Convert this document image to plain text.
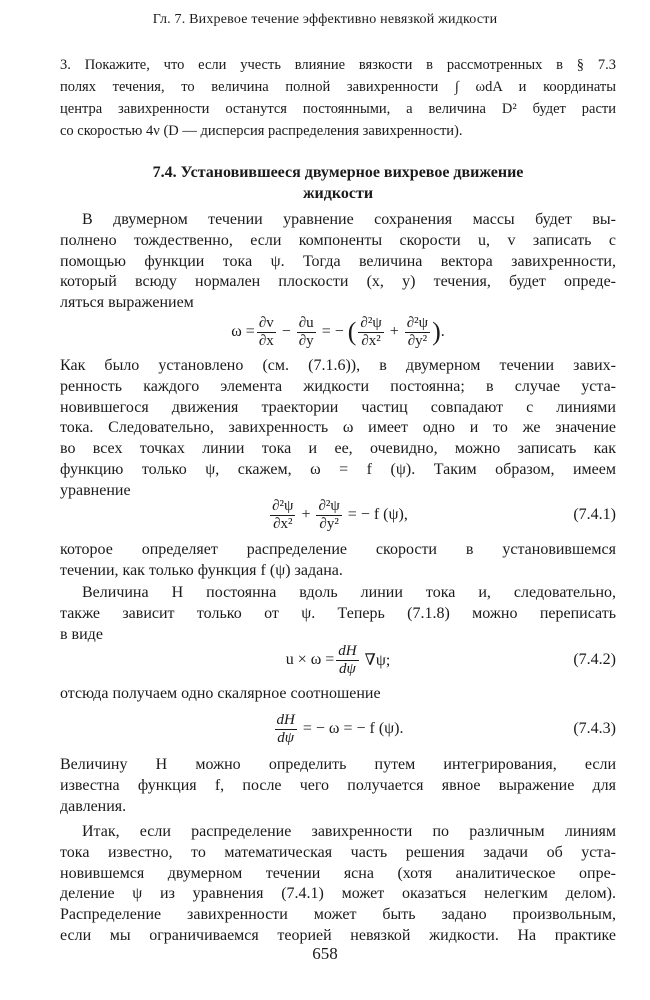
Гл. 7. Вихревое течение эффективно невязкой жидкости
3. Покажите, что если учесть влияние вязкости в рассмотренных в § 7.3
полях течения, то величина полной завихренности ∫ ωdA и координаты
центра завихренности останутся постоянными, а величина D² будет расти
со скоростью 4ν (D — дисперсия распределения завихренности).
7.4. Установившееся двумерное вихревое движение
жидкости
В двумерном течении уравнение сохранения массы будет вы-
полнено тождественно, если компоненты скорости u, v записать с
помощью функции тока ψ. Тогда величина вектора завихренности,
который всюду нормален плоскости (x, y) течения, будет опреде-
ляться выражением
$\omega = \frac{\partial v}{\partial x} - \frac{\partial u}{\partial y}$ = − ( $\frac{\text{∂²ψ}}{\text{∂x²}} + \frac{\text{∂²ψ}}{\text{∂y²}}$ ) .
Как было установлено (см. (7.1.6)), в двумерном течении завих-
ренность каждого элемента жидкости постоянна; в случае уста-
новившегося движения траектории частиц совпадают с линиями
тока. Следовательно, завихренность ω имеет одно и то же значение
во всех точках линии тока и ее, очевидно, можно записать как
функцию только ψ, скажем, ω = f (ψ). Таким образом, имеем
уравнение
$\frac{\text{∂²ψ}}{\text{∂x²}} + \frac{\text{∂²ψ}}{\text{∂y²}}$ = − f (ψ),	(7.4.1)
которое определяет распределение скорости в установившемся
течении, как только функция f (ψ) задана.
Величина H постоянна вдоль линии тока и, следовательно,
также зависит только от ψ. Теперь (7.1.8) можно переписать
в виде
$u \times \omega = \frac{dH}{d\psi} \nabla\psi$;	(7.4.2)
отсюда получаем одно скалярное соотношение
$\frac{dH}{d\psi}$ = − ω = − f (ψ).	(7.4.3)
Величину H можно определить путем интегрирования, если
известна функция f, после чего получается явное выражение для
давления.
Итак, если распределение завихренности по различным линиям
тока известно, то математическая часть решения задачи об уста-
новившемся двумерном течении ясна (хотя аналитическое опре-
деление ψ из уравнения (7.4.1) может оказаться нелегким делом).
Распределение завихренности может быть задано произвольным,
если мы ограничиваемся теорией невязкой жидкости. На практике
658
